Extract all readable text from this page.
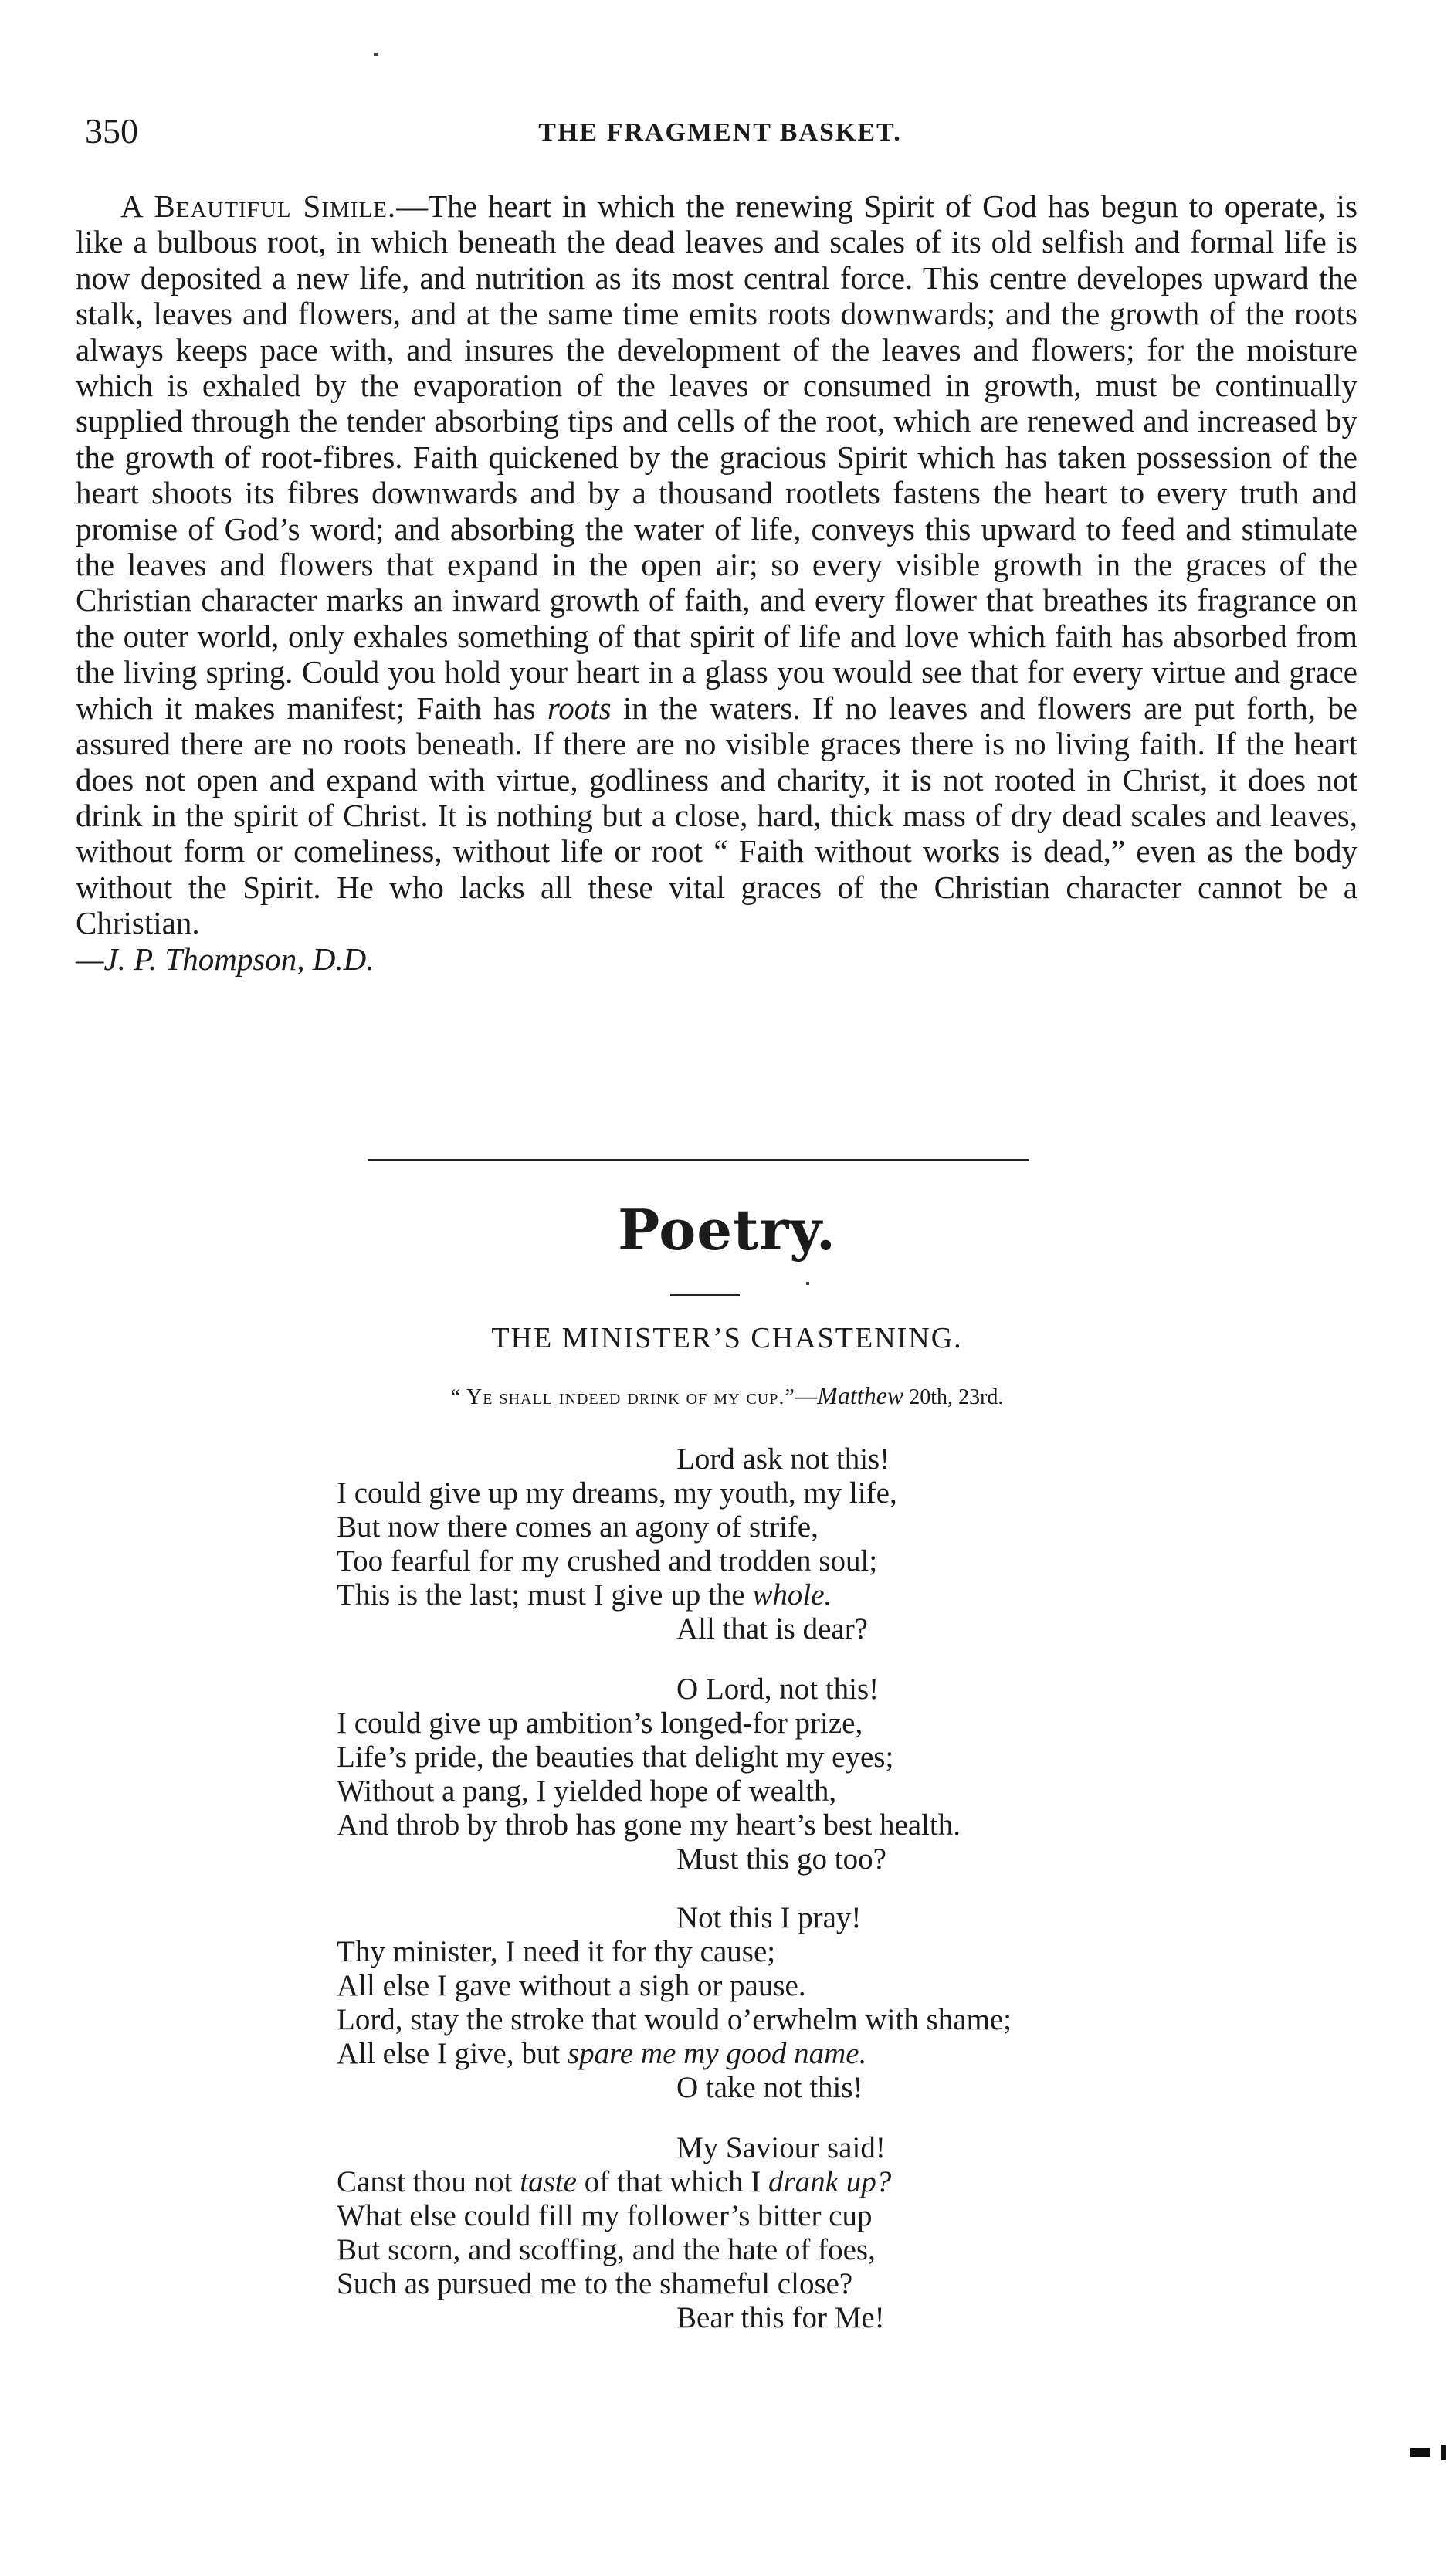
350	THE FRAGMENT BASKET.

A Beautiful Simile.—The heart in which the renewing Spirit of God has begun to operate, is like a bulbous root, in which beneath the dead leaves and scales of its old selfish and formal life is now deposited a new life, and nutrition as its most central force. This centre developes upward the stalk, leaves and flowers, and at the same time emits roots downwards; and the growth of the roots always keeps pace with, and insures the development of the leaves and flowers; for the moisture which is exhaled by the evaporation of the leaves or consumed in growth, must be continually supplied through the tender absorbing tips and cells of the root, which are renewed and increased by the growth of root-fibres. Faith quickened by the gracious Spirit which has taken possession of the heart shoots its fibres downwards and by a thousand rootlets fastens the heart to every truth and promise of God’s word; and absorbing the water of life, conveys this upward to feed and stimulate the leaves and flowers that expand in the open air; so every visible growth in the graces of the Christian character marks an inward growth of faith, and every flower that breathes its fragrance on the outer world, only exhales something of that spirit of life and love which faith has absorbed from the living spring. Could you hold your heart in a glass you would see that for every virtue and grace which it makes manifest; Faith has roots in the waters. If no leaves and flowers are put forth, be assured there are no roots beneath. If there are no visible graces there is no living faith. If the heart does not open and expand with virtue, godliness and charity, it is not rooted in Christ, it does not drink in the spirit of Christ. It is nothing but a close, hard, thick mass of dry dead scales and leaves, without form or comeliness, without life or root “ Faith without works is dead,” even as the body without the Spirit. He who lacks all these vital graces of the Christian character cannot be a Christian.
—J. P. Thompson, D.D.

Poetry.
THE MINISTER’S CHASTENING.
“ Ye shall indeed drink of my cup.”—Matthew 20th, 23rd.
Lord ask not this!
I could give up my dreams, my youth, my life,
But now there comes an agony of strife,
Too fearful for my crushed and trodden soul;
This is the last; must I give up the whole.
All that is dear?
O Lord, not this!
I could give up ambition’s longed-for prize,
Life’s pride, the beauties that delight my eyes;
Without a pang, I yielded hope of wealth,
And throb by throb has gone my heart’s best health.
Must this go too?
Not this I pray!
Thy minister, I need it for thy cause;
All else I gave without a sigh or pause.
Lord, stay the stroke that would o’erwhelm with shame;
All else I give, but spare me my good name.
O take not this!
My Saviour said!
Canst thou not taste of that which I drank up?
What else could fill my follower’s bitter cup
But scorn, and scoffing, and the hate of foes,
Such as pursued me to the shameful close?
Bear this for Me!
